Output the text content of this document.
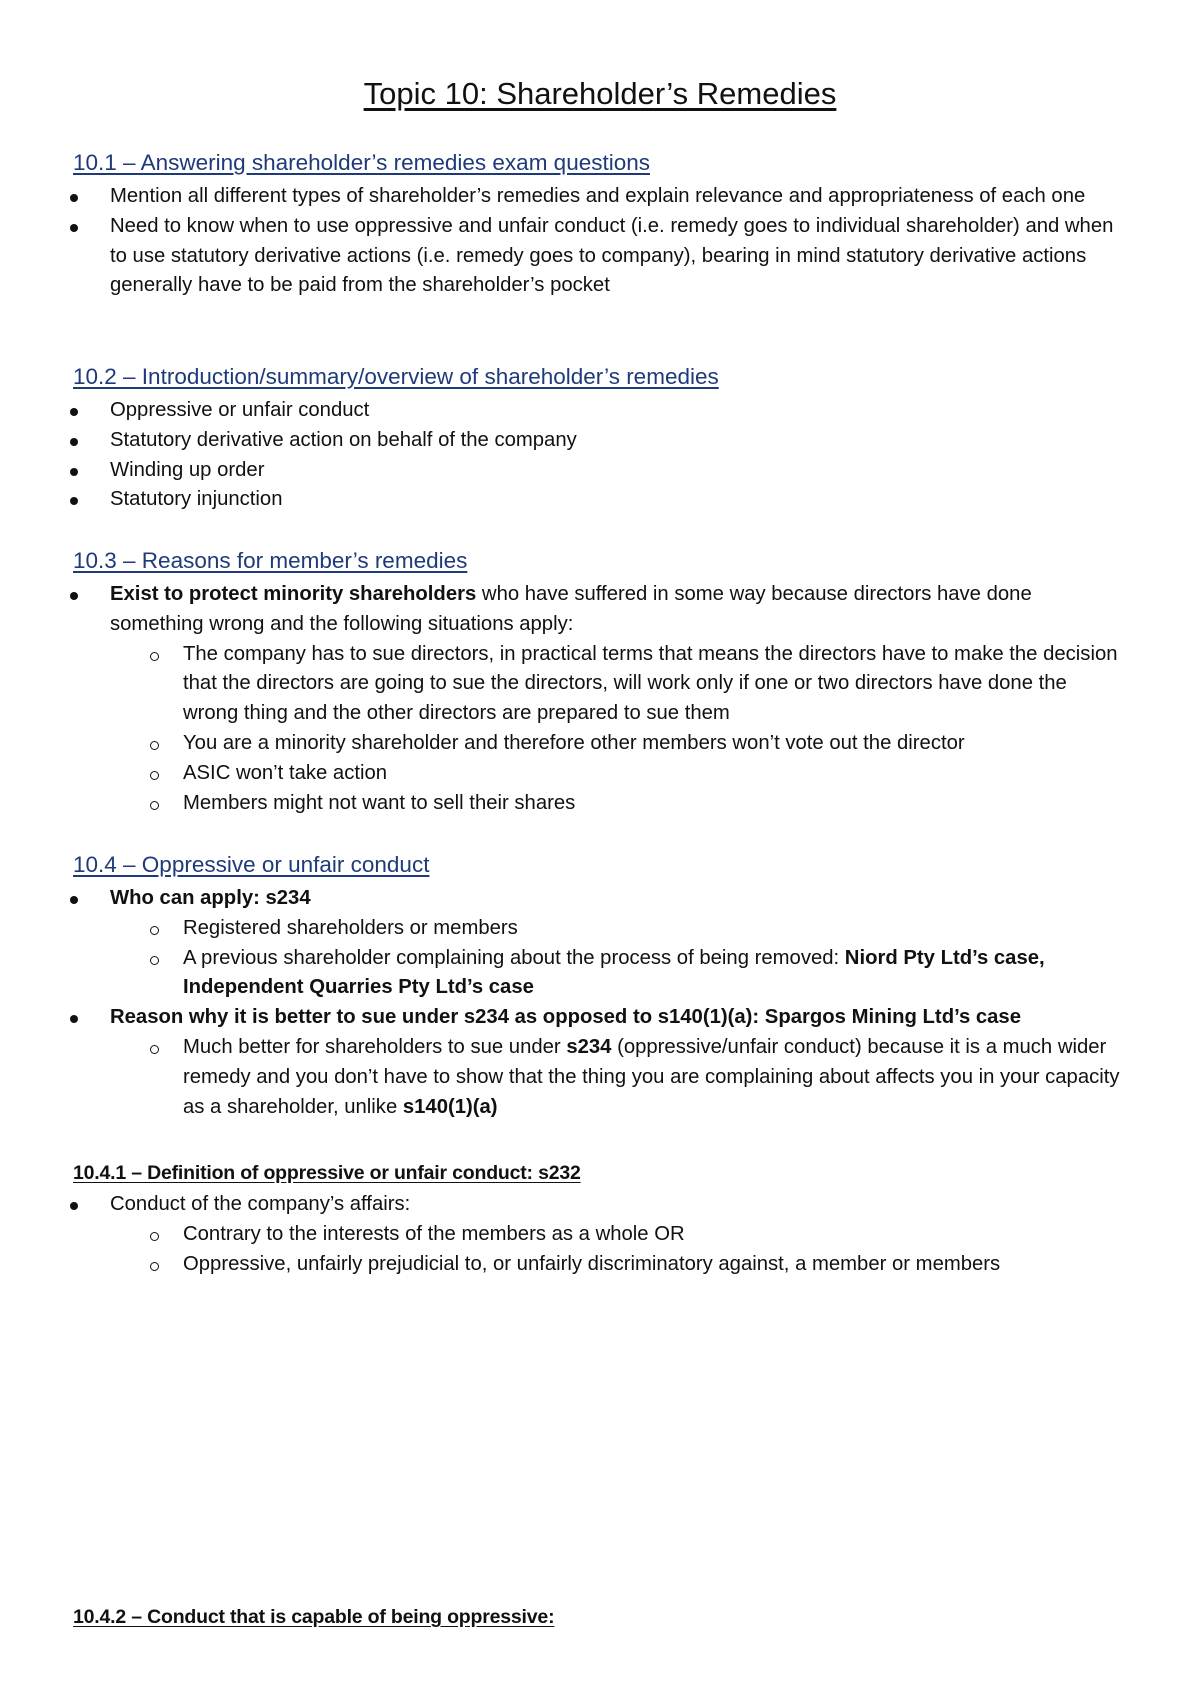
Topic 10: Shareholder’s Remedies
10.1 – Answering shareholder’s remedies exam questions
Mention all different types of shareholder’s remedies and explain relevance and appropriateness of each one
Need to know when to use oppressive and unfair conduct (i.e. remedy goes to individual shareholder) and when to use statutory derivative actions (i.e. remedy goes to company), bearing in mind statutory derivative actions generally have to be paid from the shareholder’s pocket
10.2 – Introduction/summary/overview of shareholder’s remedies
Oppressive or unfair conduct
Statutory derivative action on behalf of the company
Winding up order
Statutory injunction
10.3 – Reasons for member’s remedies
Exist to protect minority shareholders who have suffered in some way because directors have done something wrong and the following situations apply:
The company has to sue directors, in practical terms that means the directors have to make the decision that the directors are going to sue the directors, will work only if one or two directors have done the wrong thing and the other directors are prepared to sue them
You are a minority shareholder and therefore other members won’t vote out the director
ASIC won’t take action
Members might not want to sell their shares
10.4 – Oppressive or unfair conduct
Who can apply: s234
Registered shareholders or members
A previous shareholder complaining about the process of being removed: Niord Pty Ltd’s case, Independent Quarries Pty Ltd’s case
Reason why it is better to sue under s234 as opposed to s140(1)(a): Spargos Mining Ltd’s case
Much better for shareholders to sue under s234 (oppressive/unfair conduct) because it is a much wider remedy and you don’t have to show that the thing you are complaining about affects you in your capacity as a shareholder, unlike s140(1)(a)
10.4.1 – Definition of oppressive or unfair conduct: s232
Conduct of the company’s affairs:
Contrary to the interests of the members as a whole OR
Oppressive, unfairly prejudicial to, or unfairly discriminatory against, a member or members
10.4.2 – Conduct that is capable of being oppressive:
